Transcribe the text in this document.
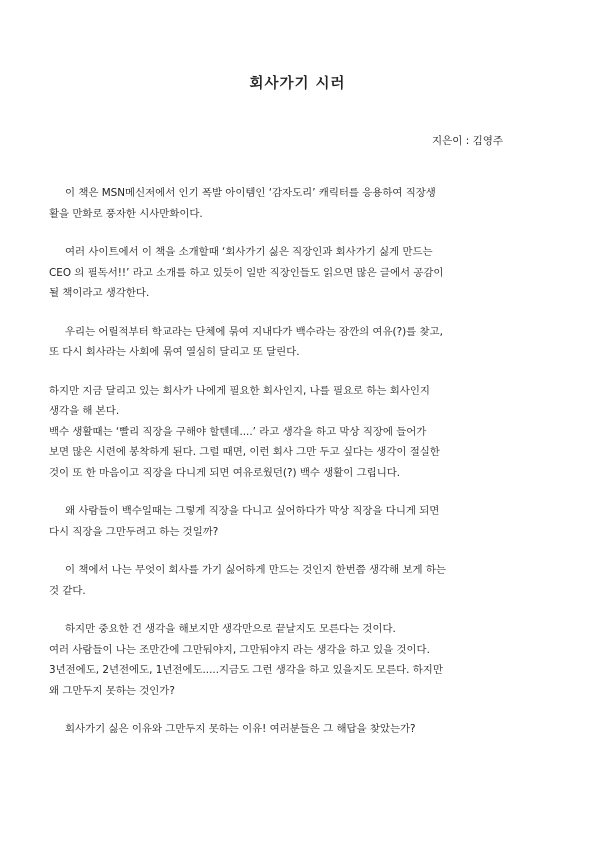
회사가기 시러
지은이 : 김영주
이 책은 MSN메신저에서 인기 폭발 아이템인 ‘감자도리’ 캐릭터를 응용하여 직장생
활을 만화로 풍자한 시사만화이다.
여러 사이트에서 이 책을 소개할때 ‘회사가기 싫은 직장인과 회사가기 싫게 만드는
CEO 의 필독서!!’ 라고 소개를 하고 있듯이 일반 직장인들도 읽으면 많은 글에서 공감이
될 책이라고 생각한다.
우리는 어릴적부터 학교라는 단체에 묶여 지내다가 백수라는 잠깐의 여유(?)를 찾고,
또 다시 회사라는 사회에 묶여 열심히 달리고 또 달린다.
하지만 지금 달리고 있는 회사가 나에게 필요한 회사인지, 나를 필요로 하는 회사인지
생각을 해 본다.
백수 생활때는 ‘빨리 직장을 구해야 할텐데....’ 라고 생각을 하고 막상 직장에 들어가
보면 많은 시련에 봉착하게 된다. 그럴 때면, 이런 회사 그만 두고 싶다는 생각이 절실한
것이 또 한 마음이고 직장을 다니게 되면 여유로웠던(?) 백수 생활이 그립니다.
왜 사람들이 백수일때는 그렇게 직장을 다니고 싶어하다가 막상 직장을 다니게 되면
다시 직장을 그만두려고 하는 것일까?
이 책에서 나는 무엇이 회사를 가기 싫어하게 만드는 것인지 한번쯤 생각해 보게 하는
것 같다.
하지만 중요한 건 생각을 해보지만 생각만으로 끝날지도 모른다는 것이다.
여러 사람들이 나는 조만간에 그만둬야지, 그만둬야지 라는 생각을 하고 있을 것이다.
3년전에도, 2년전에도, 1년전에도.....지금도 그런 생각을 하고 있을지도 모른다. 하지만
왜 그만두지 못하는 것인가?
회사가기 싫은 이유와 그만두지 못하는 이유! 여러분들은 그 해답을 찾았는가?
